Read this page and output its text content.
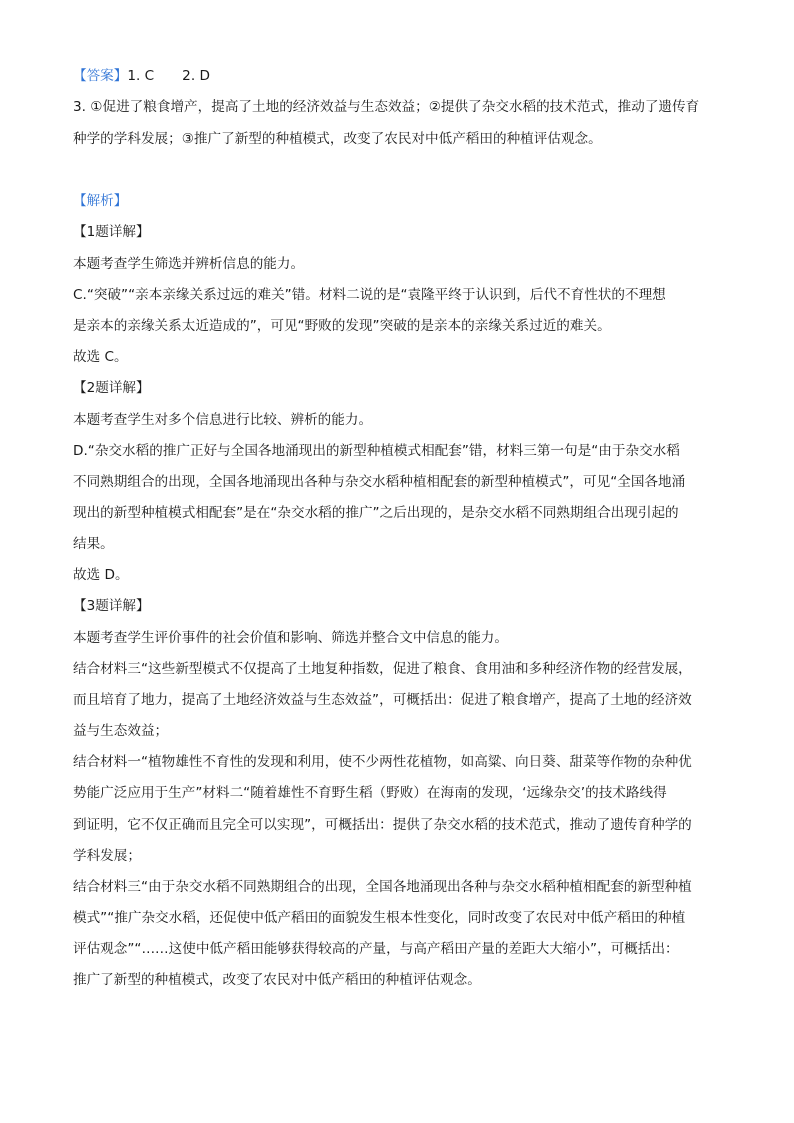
【答案】1. C 2. D
3. ①促进了粮食增产，提高了土地的经济效益与生态效益；②提供了杂交水稻的技术范式，推动了遗传育
种学的学科发展；③推广了新型的种植模式，改变了农民对中低产稻田的种植评估观念。
【解析】
【1题详解】
本题考查学生筛选并辨析信息的能力。
C.“突破”“亲本亲缘关系过远的难关”错。材料二说的是“袁隆平终于认识到，后代不育性状的不理想
是亲本的亲缘关系太近造成的”，可见“野败的发现”突破的是亲本的亲缘关系过近的难关。
故选 C。
【2题详解】
本题考查学生对多个信息进行比较、辨析的能力。
D.“杂交水稻的推广正好与全国各地涌现出的新型种植模式相配套”错，材料三第一句是“由于杂交水稻
不同熟期组合的出现，全国各地涌现出各种与杂交水稻种植相配套的新型种植模式”，可见“全国各地涌
现出的新型种植模式相配套”是在“杂交水稻的推广”之后出现的，是杂交水稻不同熟期组合出现引起的
结果。
故选 D。
【3题详解】
本题考查学生评价事件的社会价值和影响、筛选并整合文中信息的能力。
结合材料三“这些新型模式不仅提高了土地复种指数，促进了粮食、食用油和多种经济作物的经营发展，
而且培育了地力，提高了土地经济效益与生态效益”，可概括出：促进了粮食增产，提高了土地的经济效
益与生态效益；
结合材料一“植物雄性不育性的发现和利用，使不少两性花植物，如高粱、向日葵、甜菜等作物的杂种优
势能广泛应用于生产”材料二“随着雄性不育野生稻（野败）在海南的发现，‘远缘杂交’的技术路线得
到证明，它不仅正确而且完全可以实现”，可概括出：提供了杂交水稻的技术范式，推动了遗传育种学的
学科发展；
结合材料三“由于杂交水稻不同熟期组合的出现，全国各地涌现出各种与杂交水稻种植相配套的新型种植
模式”“推广杂交水稻，还促使中低产稻田的面貌发生根本性变化，同时改变了农民对中低产稻田的种植
评估观念”“……这使中低产稻田能够获得较高的产量，与高产稻田产量的差距大大缩小”，可概括出：
推广了新型的种植模式，改变了农民对中低产稻田的种植评估观念。
